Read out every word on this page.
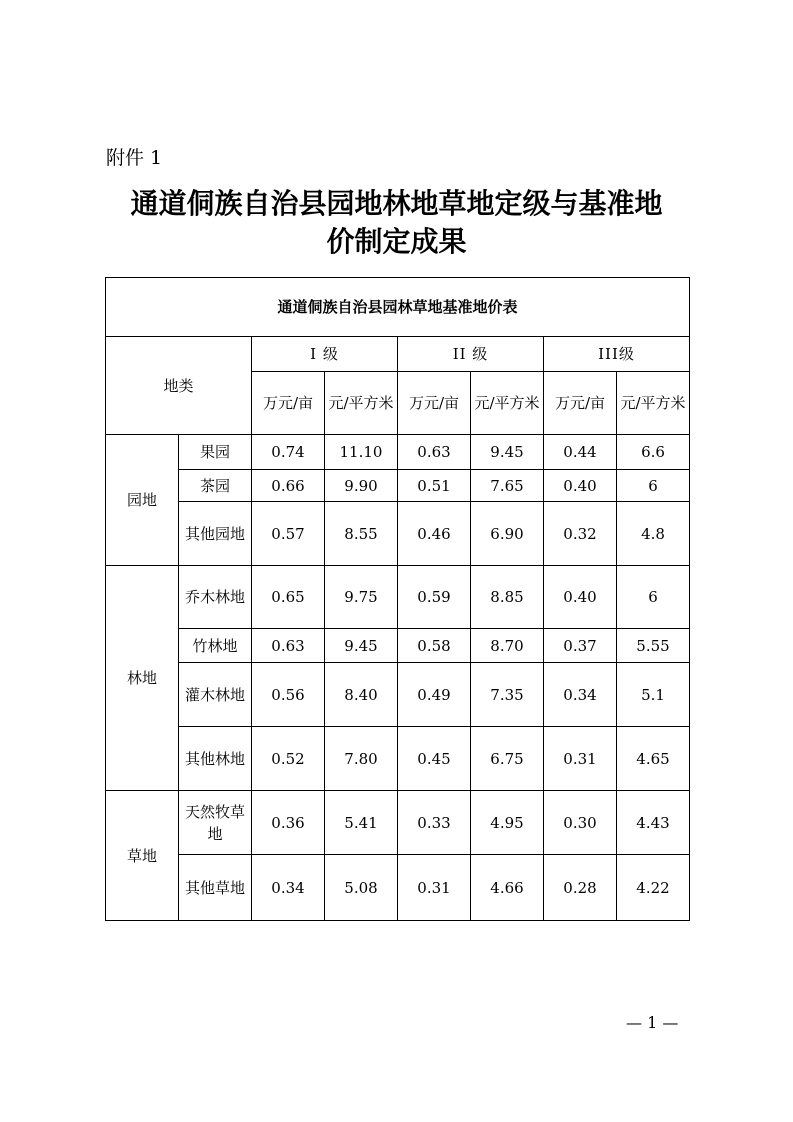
附件 1
通道侗族自治县园地林地草地定级与基准地
价制定成果
通道侗族自治县园林草地基准地价表							
地类		I 级		II 级		III级	
		万元/亩	元/平方米	万元/亩	元/平方米	万元/亩	元/平方米
园地	果园	0.74	11.10	0.63	9.45	0.44	6.6
	茶园	0.66	9.90	0.51	7.65	0.40	6
	其他园地	0.57	8.55	0.46	6.90	0.32	4.8
林地	乔木林地	0.65	9.75	0.59	8.85	0.40	6
	竹林地	0.63	9.45	0.58	8.70	0.37	5.55
	灌木林地	0.56	8.40	0.49	7.35	0.34	5.1
	其他林地	0.52	7.80	0.45	6.75	0.31	4.65
草地	天然牧草地	0.36	5.41	0.33	4.95	0.30	4.43
	其他草地	0.34	5.08	0.31	4.66	0.28	4.22
— 1 —
